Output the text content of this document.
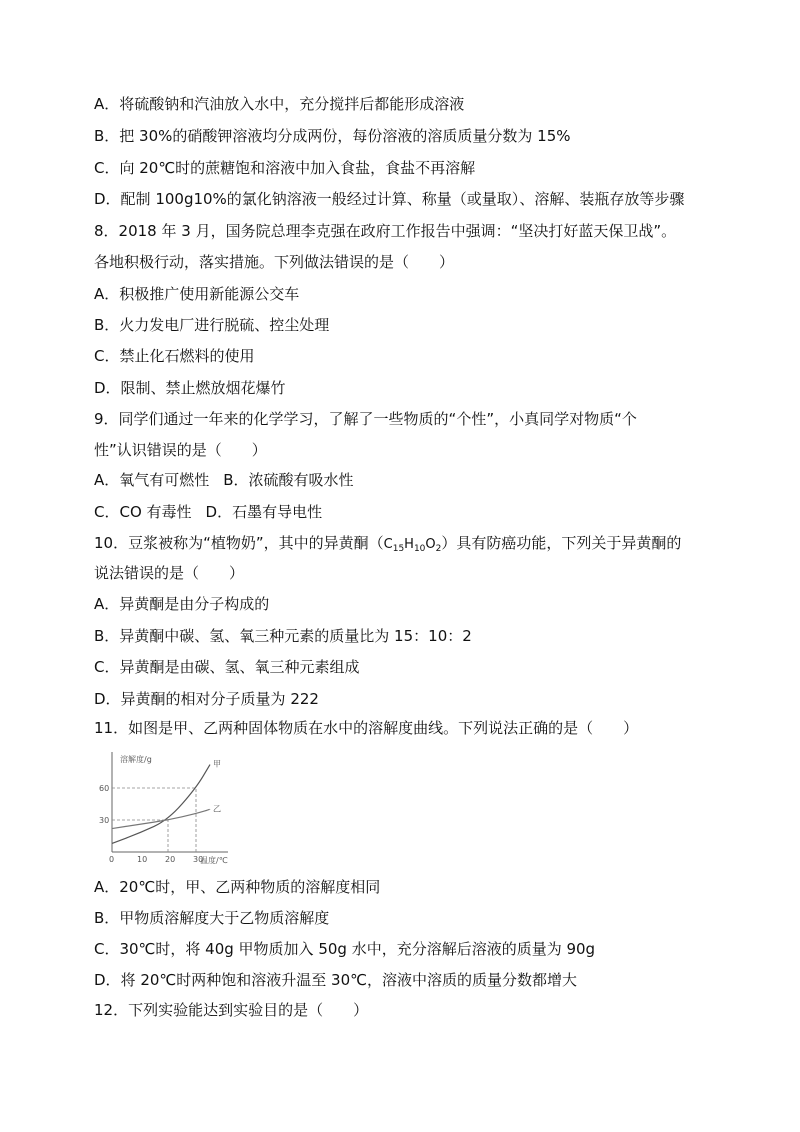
A．将硫酸钠和汽油放入水中，充分搅拌后都能形成溶液
B．把 30%的硝酸钾溶液均分成两份，每份溶液的溶质质量分数为 15%
C．向 20℃时的蔗糖饱和溶液中加入食盐，食盐不再溶解
D．配制 100g10%的氯化钠溶液一般经过计算、称量（或量取）、溶解、装瓶存放等步骤
8．2018 年 3 月，国务院总理李克强在政府工作报告中强调：“坚决打好蓝天保卫战”。
各地积极行动，落实措施。下列做法错误的是（　　）
A．积极推广使用新能源公交车
B．火力发电厂进行脱硫、控尘处理
C．禁止化石燃料的使用
D．限制、禁止燃放烟花爆竹
9．同学们通过一年来的化学学习，了解了一些物质的“个性”，小真同学对物质“个
性”认识错误的是（　　）
A．氧气有可燃性 B．浓硫酸有吸水性
C．CO 有毒性 D．石墨有导电性
10．豆浆被称为“植物奶”，其中的异黄酮$(C_{15}H_{10}O_2)$具有防癌功能，下列关于异黄酮的
说法错误的是（　　）
A．异黄酮是由分子构成的
B．异黄酮中碳、氢、氧三种元素的质量比为 15：10：2
C．异黄酮是由碳、氢、氧三种元素组成
D．异黄酮的相对分子质量为 222
11．如图是甲、乙两种固体物质在水中的溶解度曲线。下列说法正确的是（　　）
甲
乙
0	10 20 30
30
60
溶解度/g
温度/℃
A．20℃时，甲、乙两种物质的溶解度相同
B．甲物质溶解度大于乙物质溶解度
C．30℃时，将 40g 甲物质加入 50g 水中，充分溶解后溶液的质量为 90g
D．将 20℃时两种饱和溶液升温至 30℃，溶液中溶质的质量分数都增大
12．下列实验能达到实验目的是（　　）
